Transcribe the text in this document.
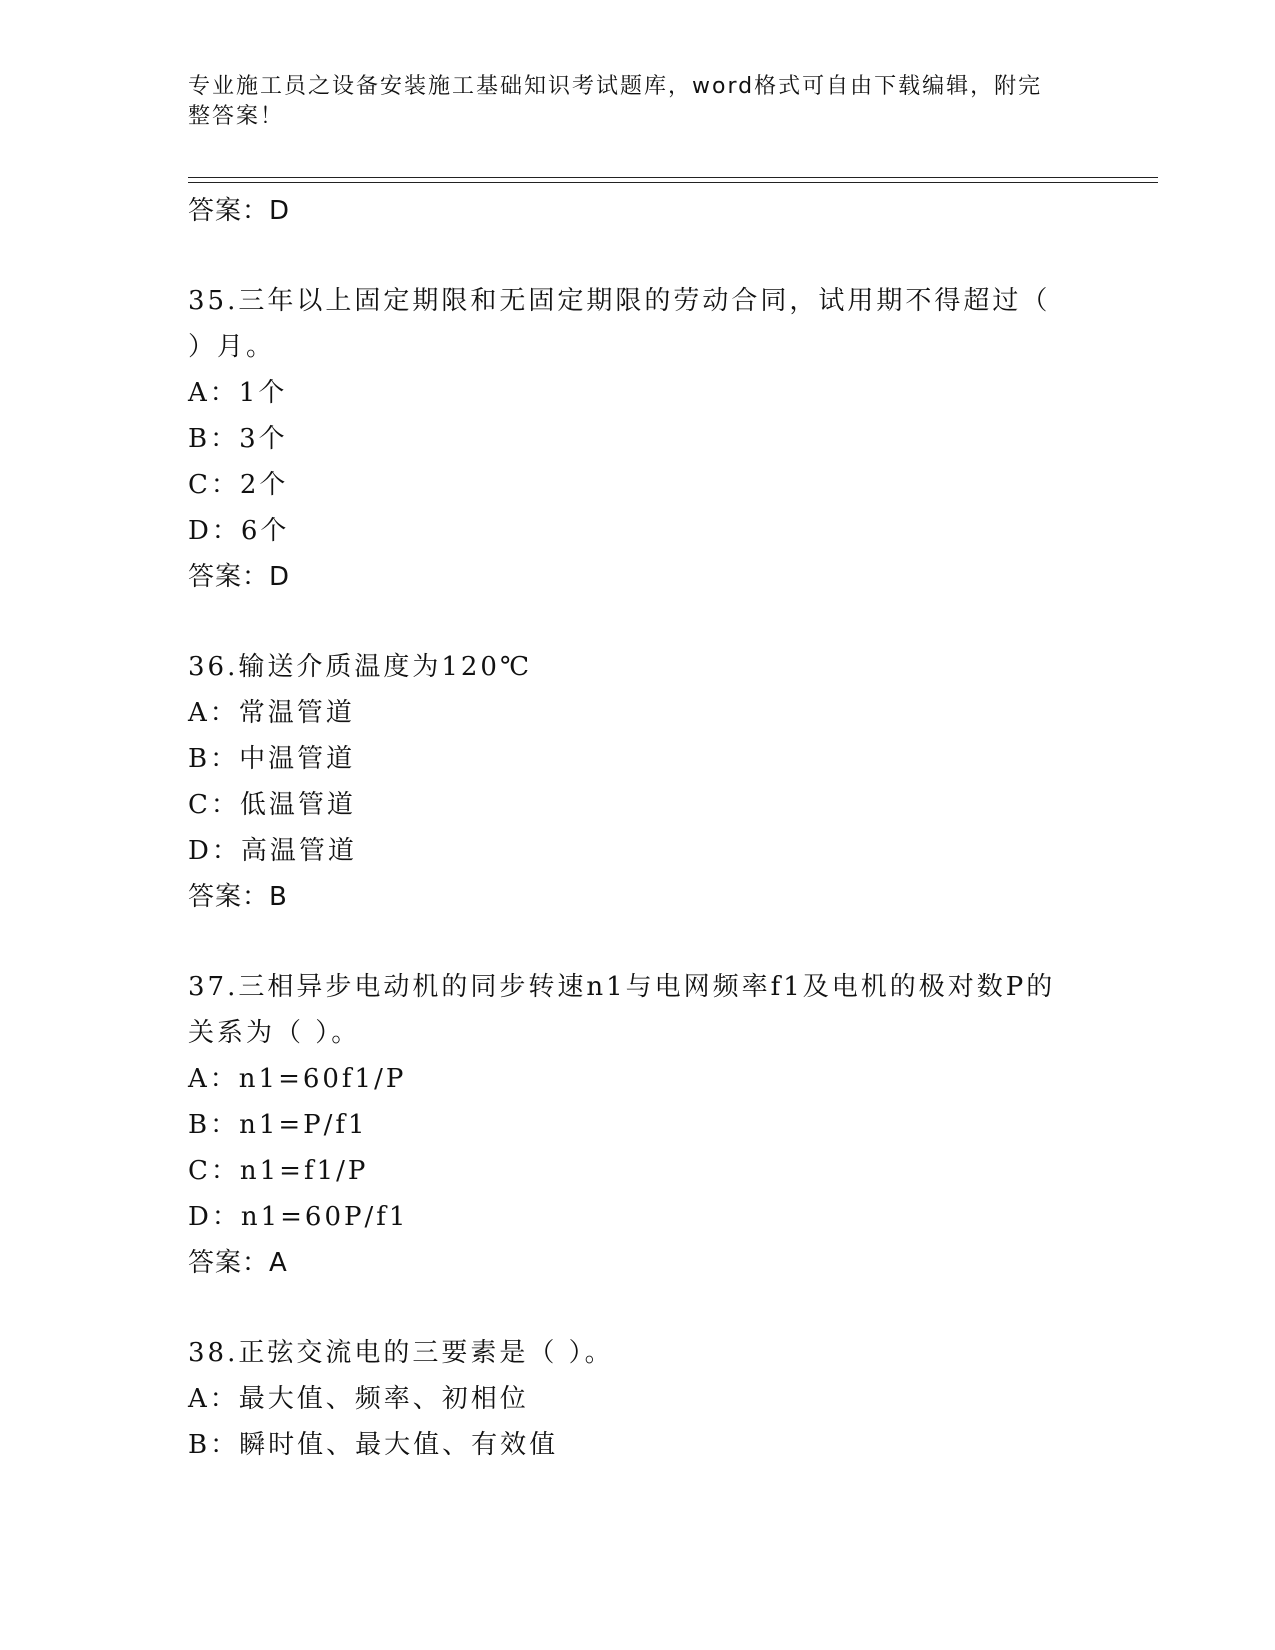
专业施工员之设备安装施工基础知识考试题库，word格式可自由下载编辑，附完
整答案！
答案：D
35.三年以上固定期限和无固定期限的劳动合同，试用期不得超过（
）月。
A：1个
B：3个
C：2个
D：6个
答案：D
36.输送介质温度为120℃
A：常温管道
B：中温管道
C：低温管道
D：高温管道
答案：B
37.三相异步电动机的同步转速n1与电网频率f1及电机的极对数P的
关系为（ ）。
A：n1=60f1/P
B：n1=P/f1
C：n1=f1/P
D：n1=60P/f1
答案：A
38.正弦交流电的三要素是（ ）。
A：最大值、频率、初相位
B：瞬时值、最大值、有效值
